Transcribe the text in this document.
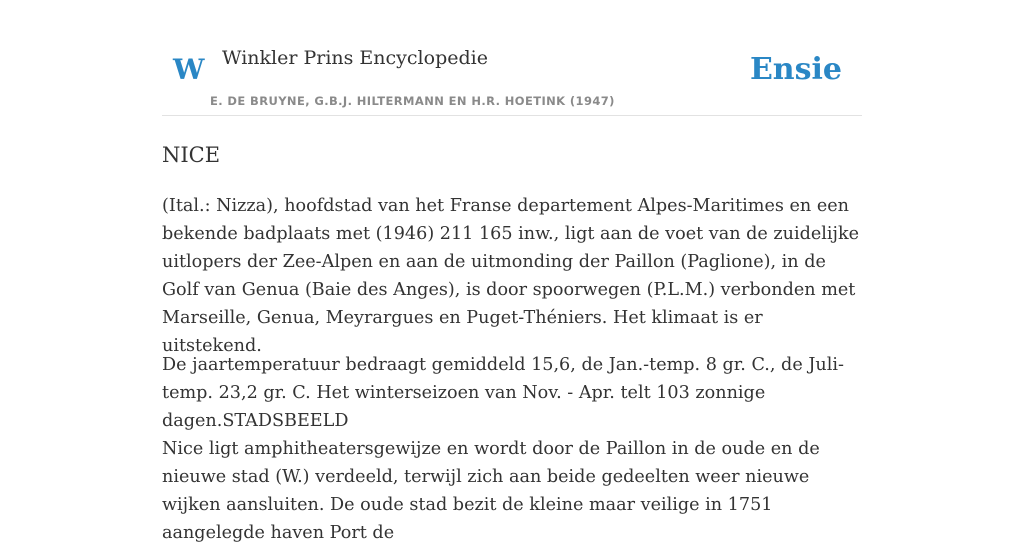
W Winkler Prins Encyclopedie
E. DE BRUYNE, G.B.J. HILTERMANN EN H.R. HOETINK (1947)
Ensie
NICE

(Ital.: Nizza), hoofdstad van het Franse departement Alpes-Maritimes en een bekende badplaats met (1946) 211 165 inw., ligt aan de voet van de zuidelijke uitlopers der Zee-Alpen en aan de uitmonding der Paillon (Paglione), in de Golf van Genua (Baie des Anges), is door spoorwegen (P.L.M.) verbonden met Marseille, Genua, Meyrargues en Puget-Théniers. Het klimaat is er uitstekend.

De jaartemperatuur bedraagt gemiddeld 15,6, de Jan.-temp. 8 gr. C., de Juli-temp. 23,2 gr. C. Het winterseizoen van Nov. - Apr. telt 103 zonnige dagen.STADSBEELD

Nice ligt amphitheatersgewijze en wordt door de Paillon in de oude en de nieuwe stad (W.) verdeeld, terwijl zich aan beide gedeelten weer nieuwe wijken aansluiten. De oude stad bezit de kleine maar veilige in 1751 aangelegde haven Port de
